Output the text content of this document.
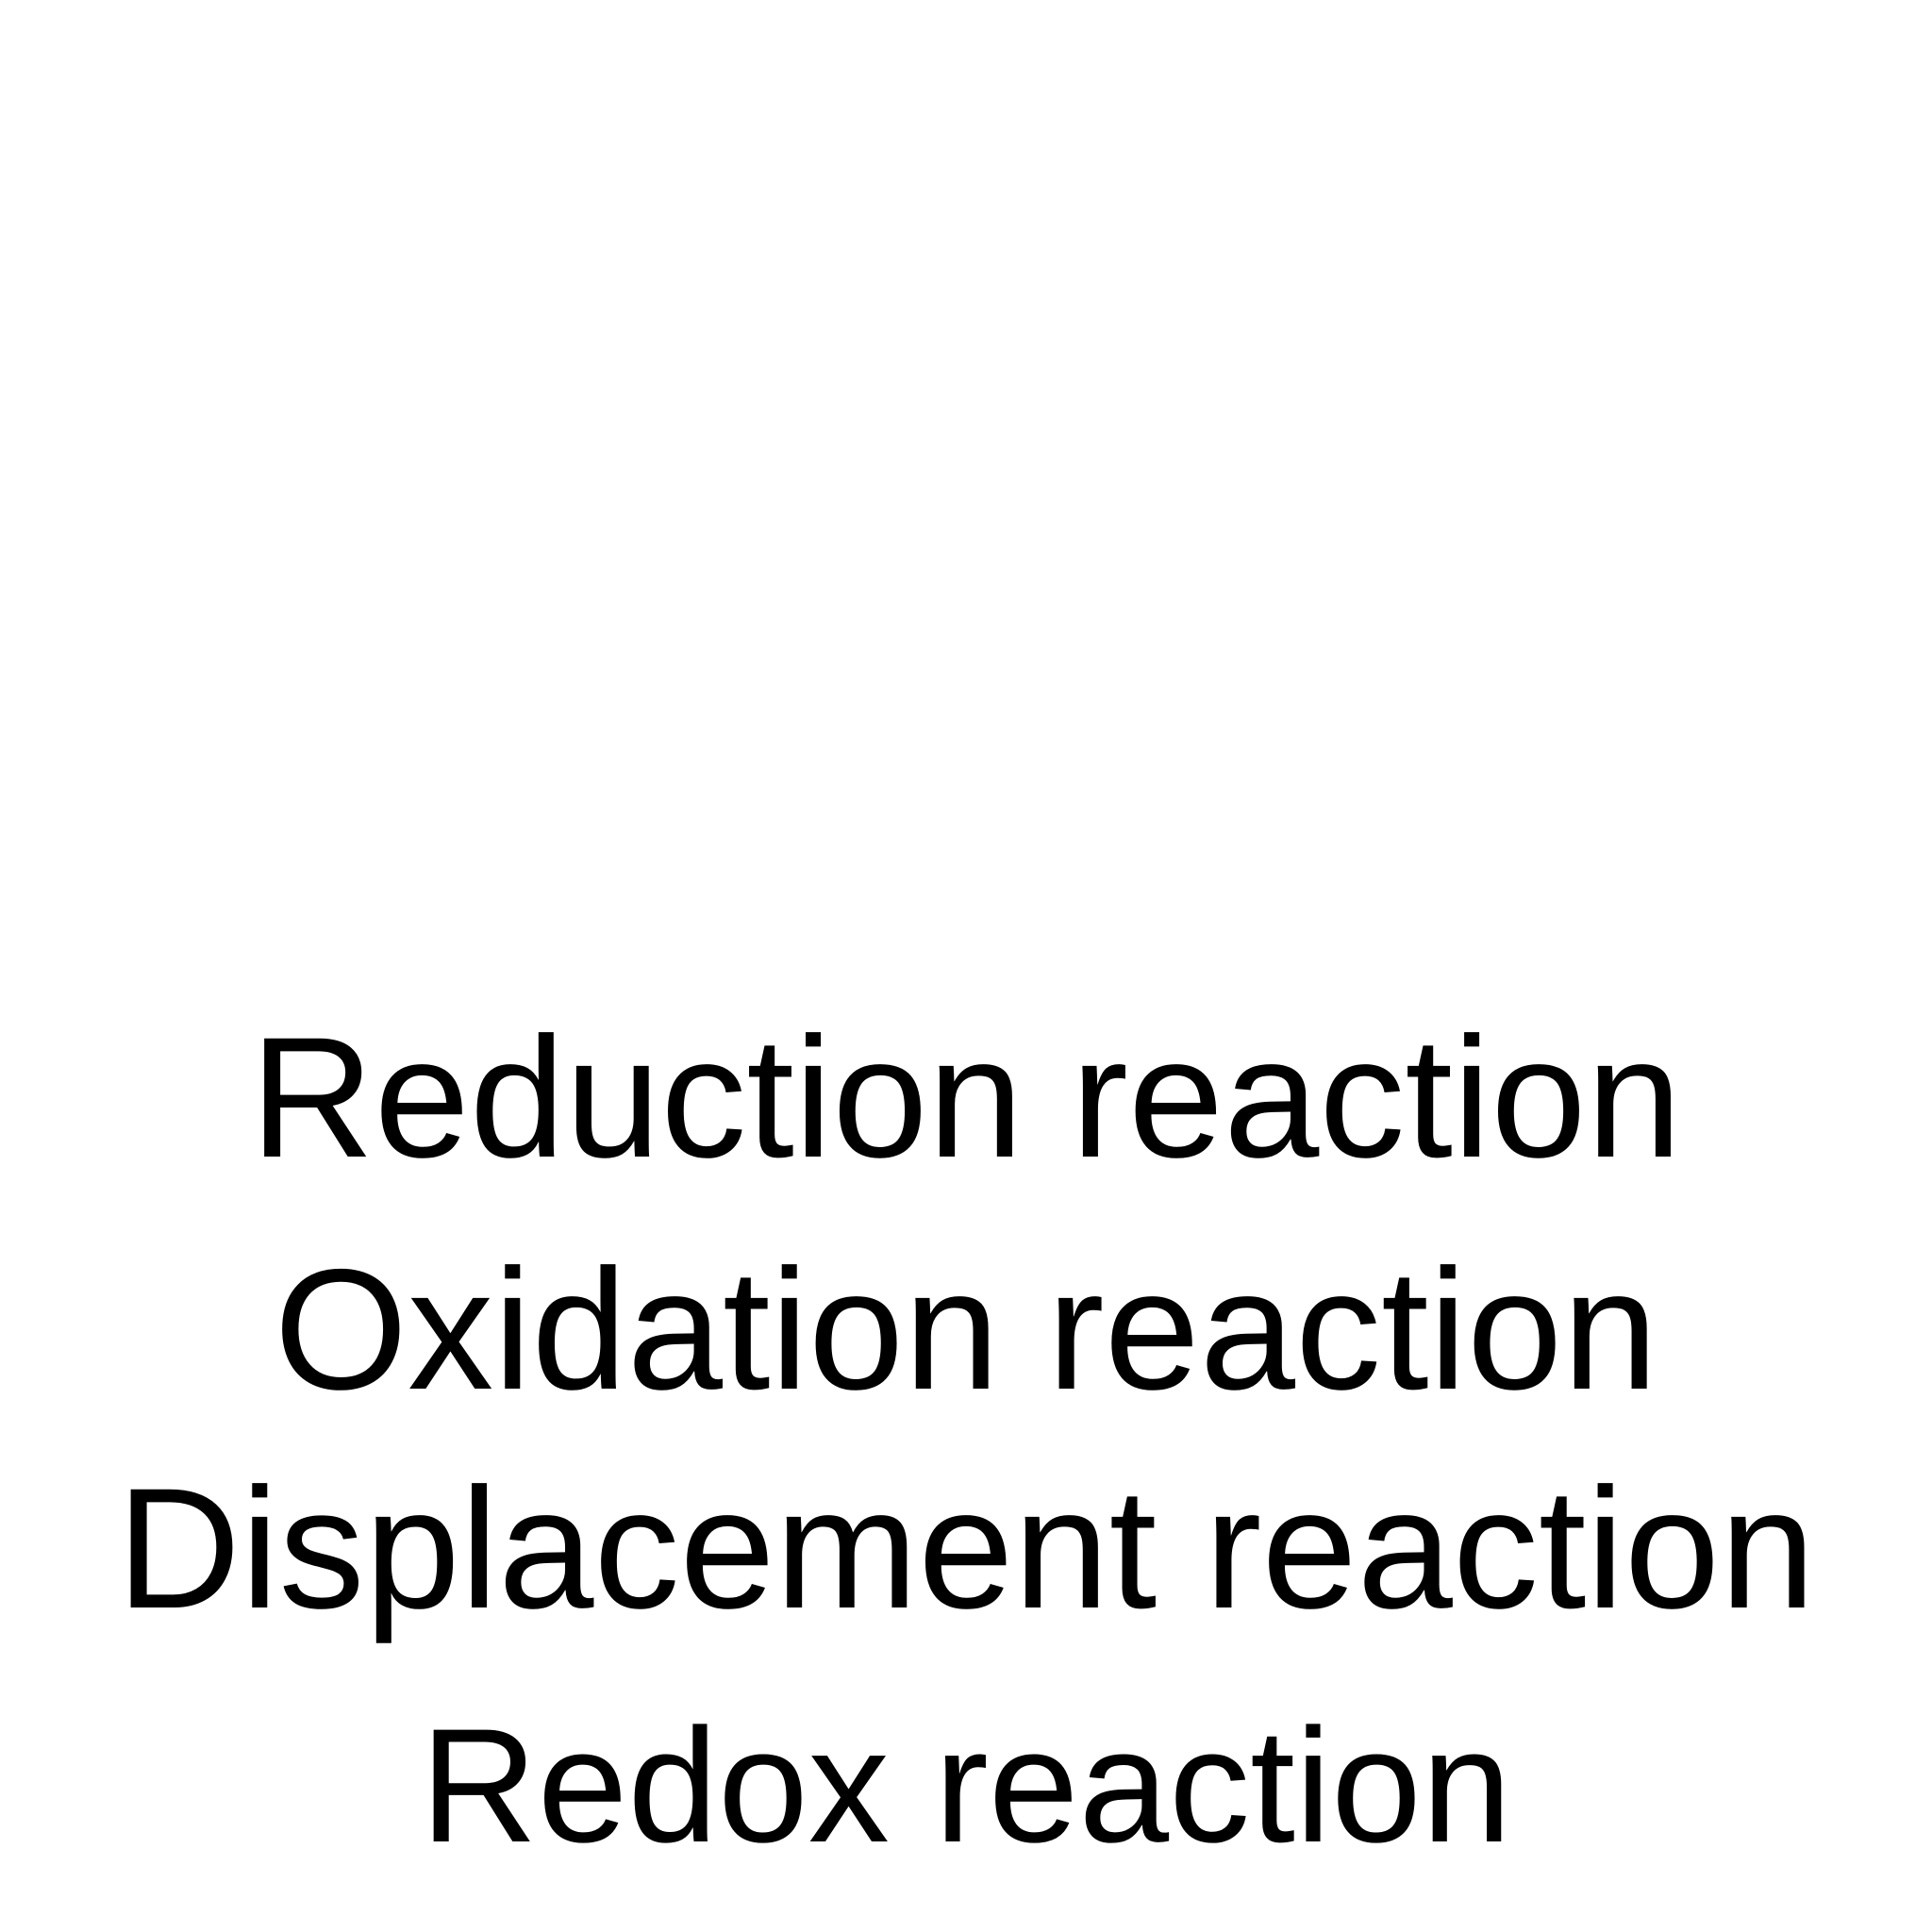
Reduction reaction
Oxidation reaction
Displacement reaction
Redox reaction
